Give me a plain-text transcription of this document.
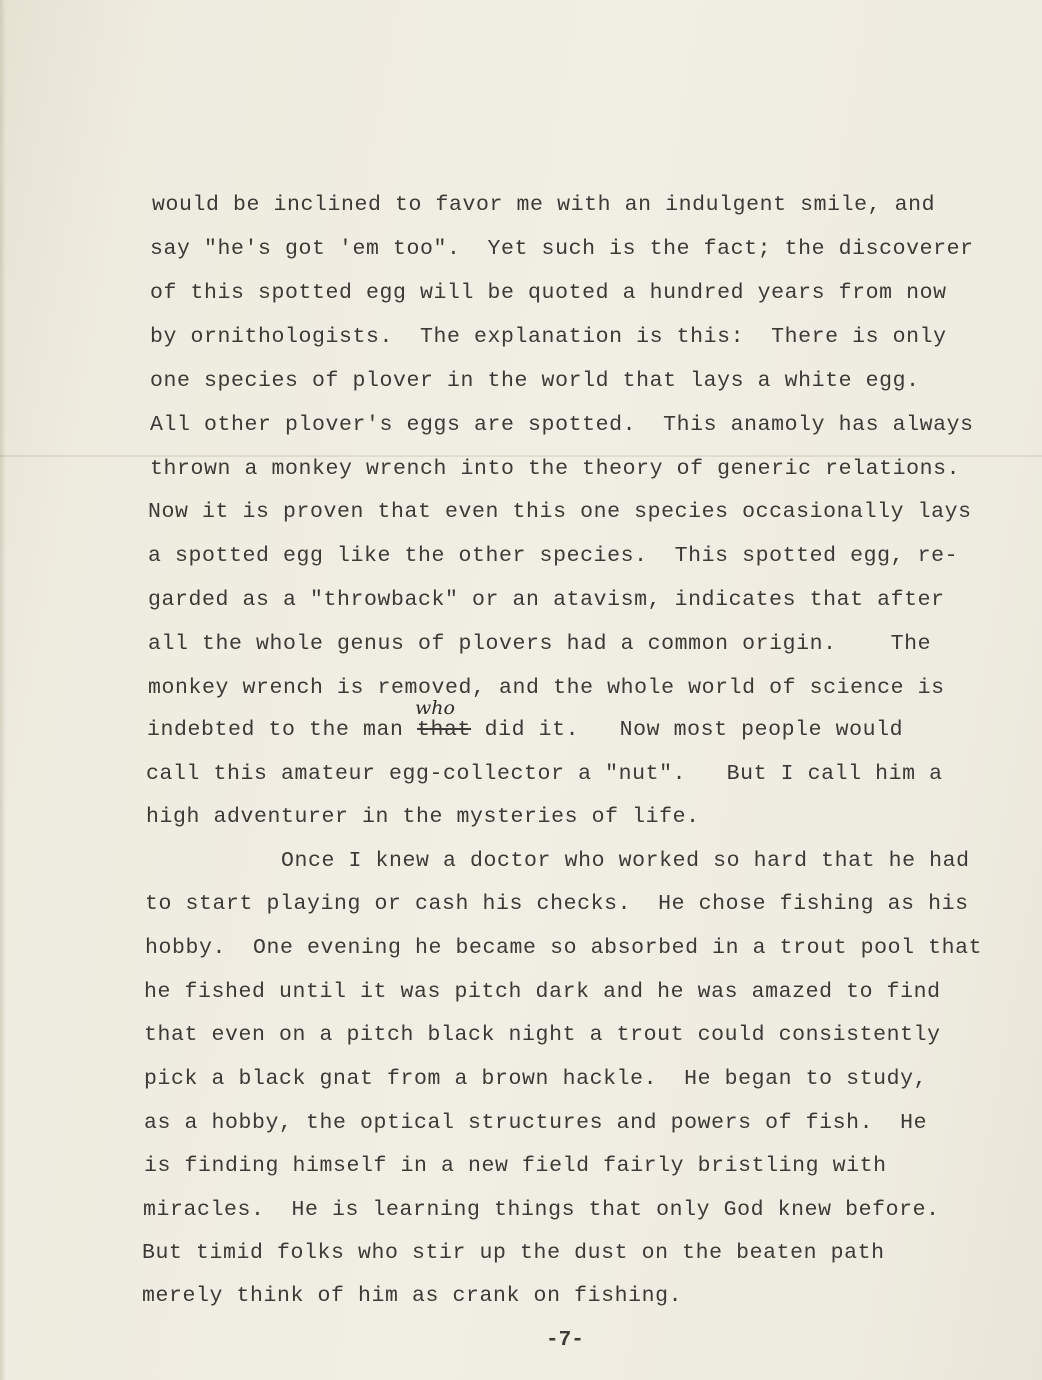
would be inclined to favor me with an indulgent smile, and
say "he's got 'em too".  Yet such is the fact; the discoverer
of this spotted egg will be quoted a hundred years from now
by ornithologists.  The explanation is this:  There is only
one species of plover in the world that lays a white egg.
All other plover's eggs are spotted.  This anamoly has always
thrown a monkey wrench into the theory of generic relations.
Now it is proven that even this one species occasionally lays
a spotted egg like the other species.  This spotted egg, re-
garded as a "throwback" or an atavism, indicates that after
all the whole genus of plovers had a common origin.    The
monkey wrench is removed, and the whole world of science is
indebted to the man that
who
did it.   Now most people would
call this amateur egg-collector a "nut".   But I call him a
high adventurer in the mysteries of life.
Once I knew a doctor who worked so hard that he had
to start playing or cash his checks.  He chose fishing as his
hobby.  One evening he became so absorbed in a trout pool that
he fished until it was pitch dark and he was amazed to find
that even on a pitch black night a trout could consistently
pick a black gnat from a brown hackle.  He began to study,
as a hobby, the optical structures and powers of fish.  He
is finding himself in a new field fairly bristling with
miracles.  He is learning things that only God knew before.
But timid folks who stir up the dust on the beaten path
merely think of him as crank on fishing.
-7-
